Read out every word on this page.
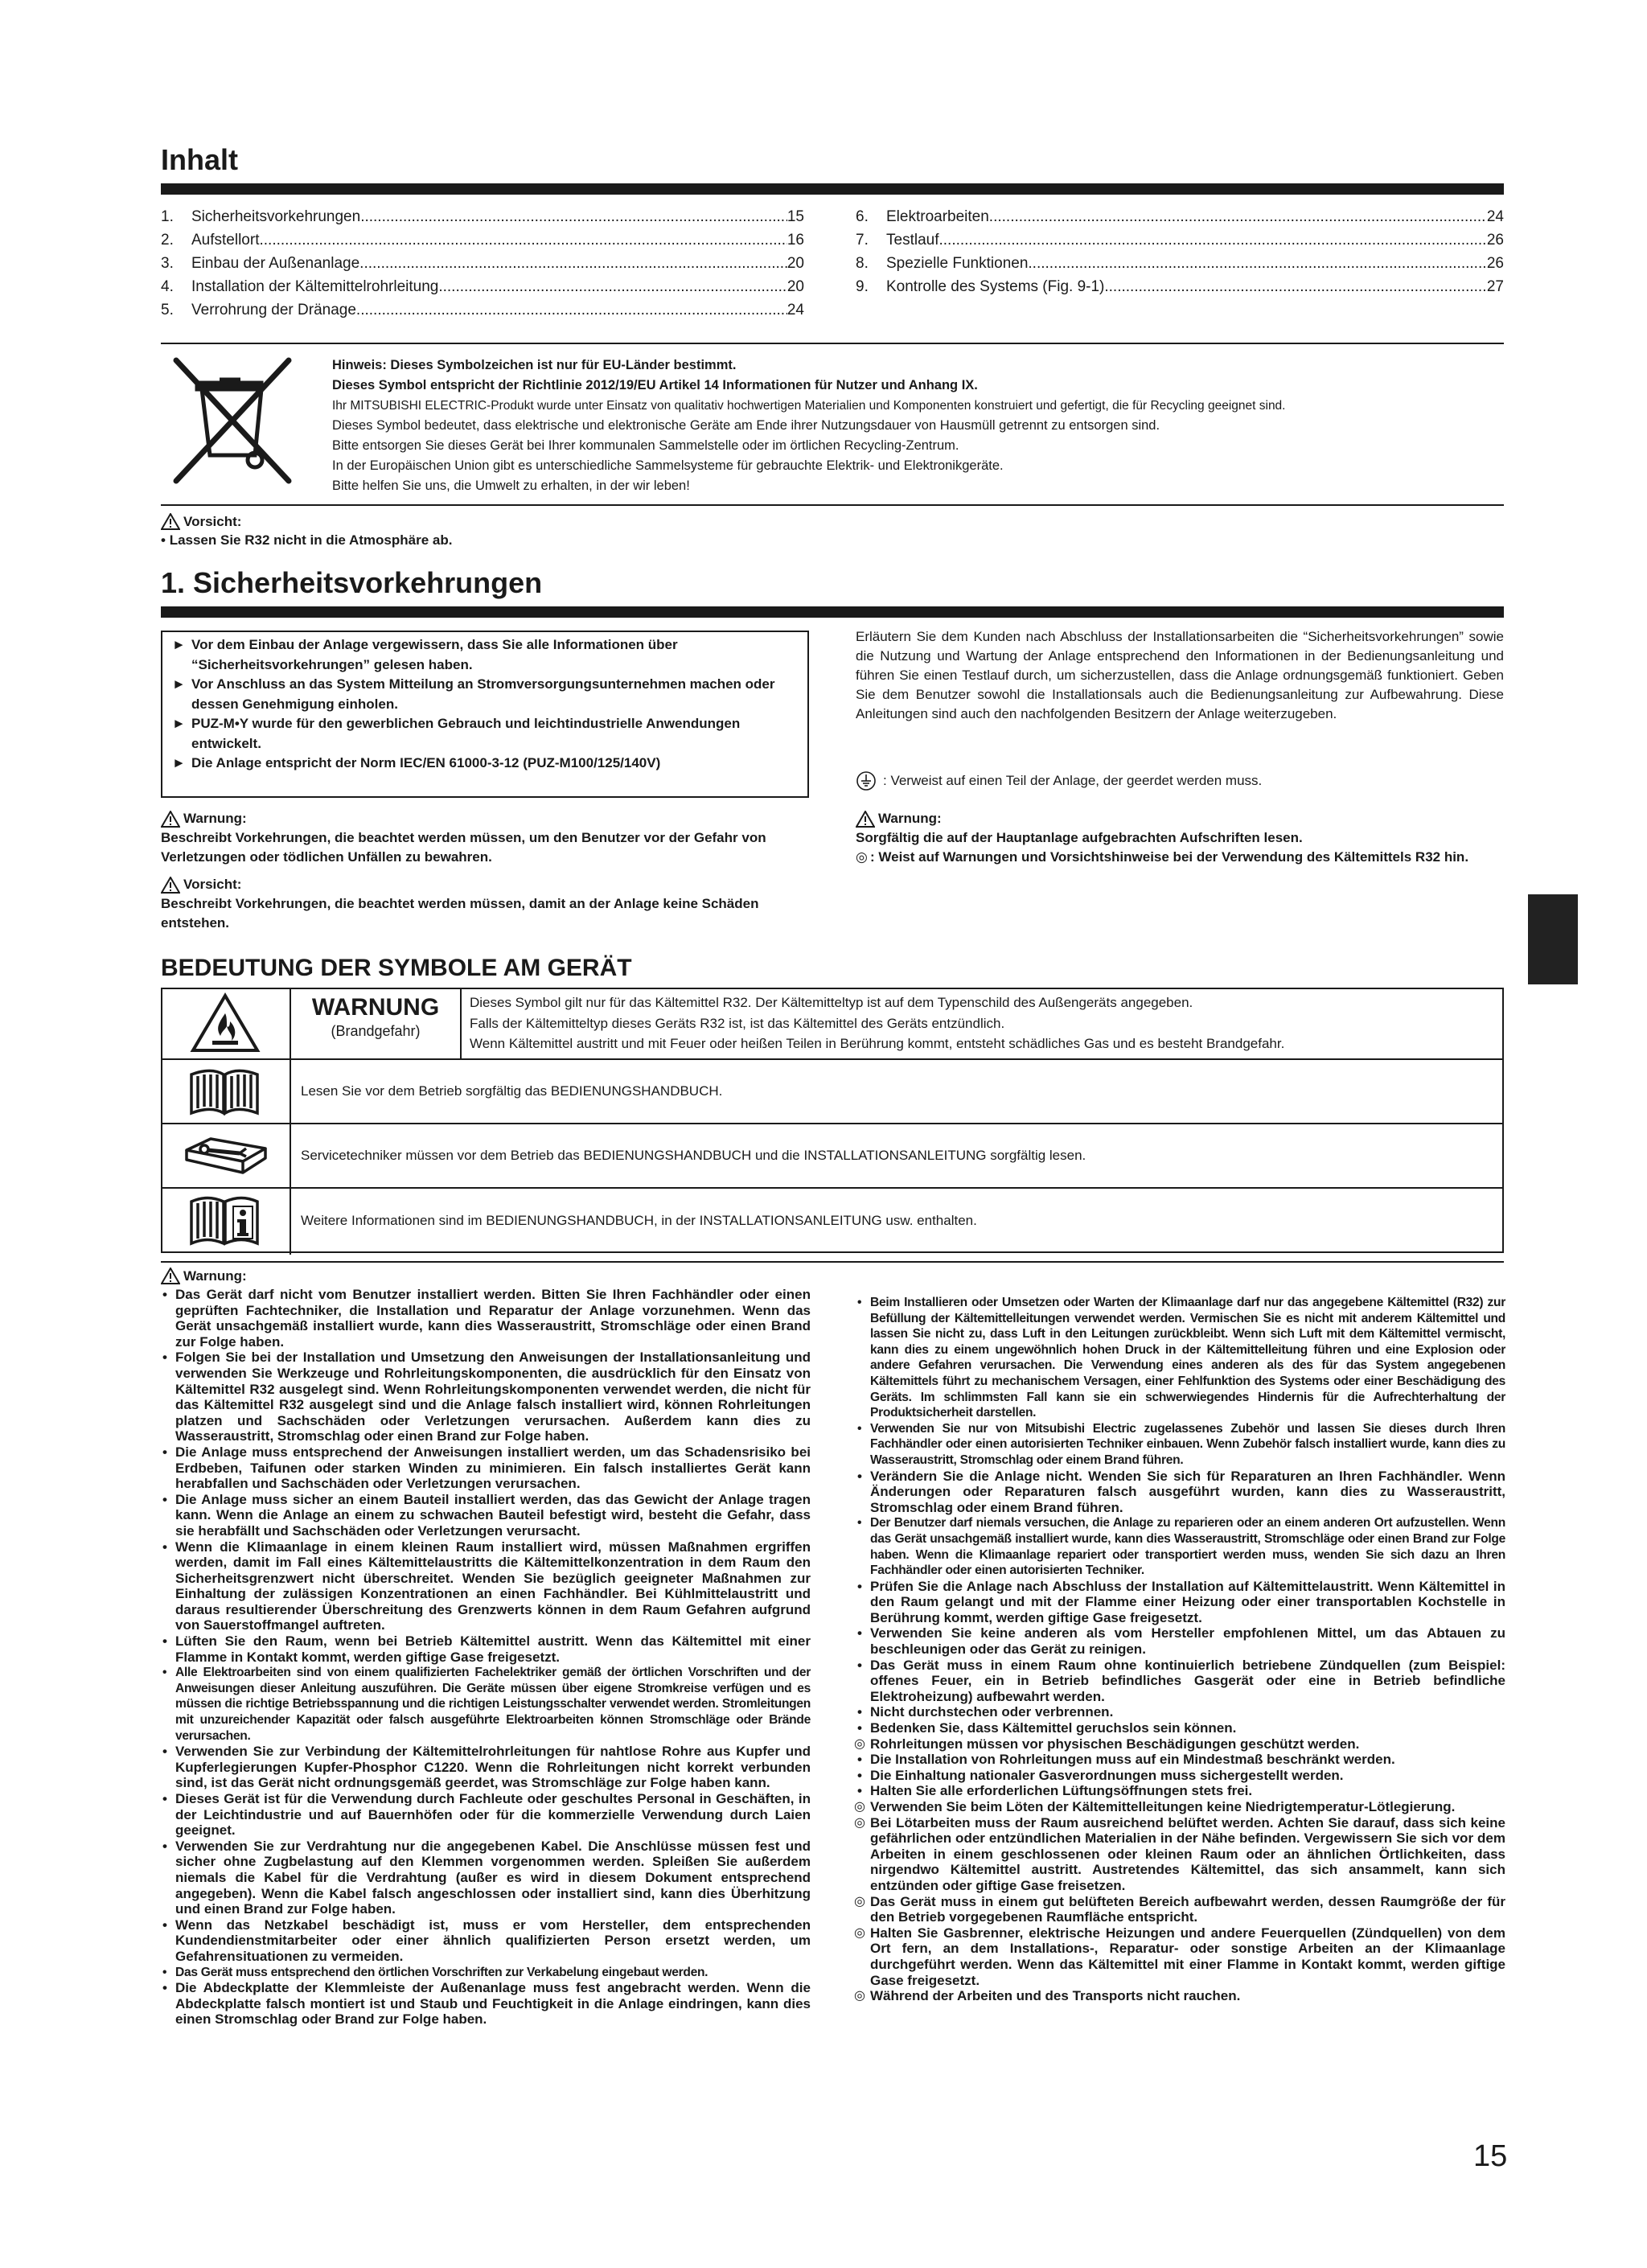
Inhalt
1.	Sicherheitsvorkehrungen .....	15
2.	Aufstellort .....	16
3.	Einbau der Außenanlage .....	20
4.	Installation der Kältemittelrohrleitung .....	20
5.	Verrohrung der Dränage .....	24
6.	Elektroarbeiten .....	24
7.	Testlauf .....	26
8.	Spezielle Funktionen .....	26
9.	Kontrolle des Systems (Fig. 9-1) .....	27
Hinweis: Dieses Symbolzeichen ist nur für EU-Länder bestimmt.
Dieses Symbol entspricht der Richtlinie 2012/19/EU Artikel 14 Informationen für Nutzer und Anhang IX.
Ihr MITSUBISHI ELECTRIC-Produkt wurde unter Einsatz von qualitativ hochwertigen Materialien und Komponenten konstruiert und gefertigt, die für Recycling geeignet sind.
Dieses Symbol bedeutet, dass elektrische und elektronische Geräte am Ende ihrer Nutzungsdauer von Hausmüll getrennt zu entsorgen sind.
Bitte entsorgen Sie dieses Gerät bei Ihrer kommunalen Sammelstelle oder im örtlichen Recycling-Zentrum.
In der Europäischen Union gibt es unterschiedliche Sammelsysteme für gebrauchte Elektrik- und Elektronikgeräte.
Bitte helfen Sie uns, die Umwelt zu erhalten, in der wir leben!
Vorsicht:
• Lassen Sie R32 nicht in die Atmosphäre ab.
1. Sicherheitsvorkehrungen
► Vor dem Einbau der Anlage vergewissern, dass Sie alle Informationen über “Sicherheitsvorkehrungen” gelesen haben.
► Vor Anschluss an das System Mitteilung an Stromversorgungsunternehmen machen oder dessen Genehmigung einholen.
► PUZ-M•Y wurde für den gewerblichen Gebrauch und leichtindustrielle Anwendungen entwickelt.
► Die Anlage entspricht der Norm IEC/EN 61000-3-12 (PUZ-M100/125/140V)
Warnung:
Beschreibt Vorkehrungen, die beachtet werden müssen, um den Benutzer vor der Gefahr von Verletzungen oder tödlichen Unfällen zu bewahren.
Vorsicht:
Beschreibt Vorkehrungen, die beachtet werden müssen, damit an der Anlage keine Schäden entstehen.
Erläutern Sie dem Kunden nach Abschluss der Installationsarbeiten die “Sicherheitsvorkehrungen” sowie die Nutzung und Wartung der Anlage entsprechend den Informationen in der Bedienungsanleitung und führen Sie einen Testlauf durch, um sicherzustellen, dass die Anlage ordnungsgemäß funktioniert. Geben Sie dem Benutzer sowohl die Installationsals auch die Bedienungsanleitung zur Aufbewahrung. Diese Anleitungen sind auch den nachfolgenden Besitzern der Anlage weiterzugeben.
: Verweist auf einen Teil der Anlage, der geerdet werden muss.
Warnung:
Sorgfältig die auf der Hauptanlage aufgebrachten Aufschriften lesen.
◎ : Weist auf Warnungen und Vorsichtshinweise bei der Verwendung des Kältemittels R32 hin.
BEDEUTUNG DER SYMBOLE AM GERÄT
WARNUNG
(Brandgefahr)
Dieses Symbol gilt nur für das Kältemittel R32. Der Kältemitteltyp ist auf dem Typenschild des Außengeräts angegeben.
Falls der Kältemitteltyp dieses Geräts R32 ist, ist das Kältemittel des Geräts entzündlich.
Wenn Kältemittel austritt und mit Feuer oder heißen Teilen in Berührung kommt, entsteht schädliches Gas und es besteht Brandgefahr.
Lesen Sie vor dem Betrieb sorgfältig das BEDIENUNGSHANDBUCH.
Servicetechniker müssen vor dem Betrieb das BEDIENUNGSHANDBUCH und die INSTALLATIONSANLEITUNG sorgfältig lesen.
Weitere Informationen sind im BEDIENUNGSHANDBUCH, in der INSTALLATIONSANLEITUNG usw. enthalten.
Warnung:
• Das Gerät darf nicht vom Benutzer installiert werden. Bitten Sie Ihren Fachhändler oder einen geprüften Fachtechniker, die Installation und Reparatur der Anlage vorzunehmen. Wenn das Gerät unsachgemäß installiert wurde, kann dies Wasseraustritt, Stromschläge oder einen Brand zur Folge haben.
• Folgen Sie bei der Installation und Umsetzung den Anweisungen der Installationsanleitung und verwenden Sie Werkzeuge und Rohrleitungskomponenten, die ausdrücklich für den Einsatz von Kältemittel R32 ausgelegt sind. Wenn Rohrleitungskomponenten verwendet werden, die nicht für das Kältemittel R32 ausgelegt sind und die Anlage falsch installiert wird, können Rohrleitungen platzen und Sachschäden oder Verletzungen verursachen. Außerdem kann dies zu Wasseraustritt, Stromschlag oder einen Brand zur Folge haben.
• Die Anlage muss entsprechend der Anweisungen installiert werden, um das Schadensrisiko bei Erdbeben, Taifunen oder starken Winden zu minimieren. Ein falsch installiertes Gerät kann herabfallen und Sachschäden oder Verletzungen verursachen.
• Die Anlage muss sicher an einem Bauteil installiert werden, das das Gewicht der Anlage tragen kann. Wenn die Anlage an einem zu schwachen Bauteil befestigt wird, besteht die Gefahr, dass sie herabfällt und Sachschäden oder Verletzungen verursacht.
• Wenn die Klimaanlage in einem kleinen Raum installiert wird, müssen Maßnahmen ergriffen werden, damit im Fall eines Kältemittelaustritts die Kältemittelkonzentration in dem Raum den Sicherheitsgrenzwert nicht überschreitet. Wenden Sie bezüglich geeigneter Maßnahmen zur Einhaltung der zulässigen Konzentrationen an einen Fachhändler. Bei Kühlmittelaustritt und daraus resultierender Überschreitung des Grenzwerts können in dem Raum Gefahren aufgrund von Sauerstoffmangel auftreten.
• Lüften Sie den Raum, wenn bei Betrieb Kältemittel austritt. Wenn das Kältemittel mit einer Flamme in Kontakt kommt, werden giftige Gase freigesetzt.
• Alle Elektroarbeiten sind von einem qualifizierten Fachelektriker gemäß der örtlichen Vorschriften und der Anweisungen dieser Anleitung auszuführen. Die Geräte müssen über eigene Stromkreise verfügen und es müssen die richtige Betriebsspannung und die richtigen Leistungsschalter verwendet werden. Stromleitungen mit unzureichender Kapazität oder falsch ausgeführte Elektroarbeiten können Stromschläge oder Brände verursachen.
• Verwenden Sie zur Verbindung der Kältemittelrohrleitungen für nahtlose Rohre aus Kupfer und Kupferlegierungen Kupfer-Phosphor C1220. Wenn die Rohrleitungen nicht korrekt verbunden sind, ist das Gerät nicht ordnungsgemäß geerdet, was Stromschläge zur Folge haben kann.
• Dieses Gerät ist für die Verwendung durch Fachleute oder geschultes Personal in Geschäften, in der Leichtindustrie und auf Bauernhöfen oder für die kommerzielle Verwendung durch Laien geeignet.
• Verwenden Sie zur Verdrahtung nur die angegebenen Kabel. Die Anschlüsse müssen fest und sicher ohne Zugbelastung auf den Klemmen vorgenommen werden. Spleißen Sie außerdem niemals die Kabel für die Verdrahtung (außer es wird in diesem Dokument entsprechend angegeben). Wenn die Kabel falsch angeschlossen oder installiert sind, kann dies Überhitzung und einen Brand zur Folge haben.
• Wenn das Netzkabel beschädigt ist, muss er vom Hersteller, dem entsprechenden Kundendienstmitarbeiter oder einer ähnlich qualifizierten Person ersetzt werden, um Gefahrensituationen zu vermeiden.
• Das Gerät muss entsprechend den örtlichen Vorschriften zur Verkabelung eingebaut werden.
• Die Abdeckplatte der Klemmleiste der Außenanlage muss fest angebracht werden. Wenn die Abdeckplatte falsch montiert ist und Staub und Feuchtigkeit in die Anlage eindringen, kann dies einen Stromschlag oder Brand zur Folge haben.
• Beim Installieren oder Umsetzen oder Warten der Klimaanlage darf nur das angegebene Kältemittel (R32) zur Befüllung der Kältemittelleitungen verwendet werden. Vermischen Sie es nicht mit anderem Kältemittel und lassen Sie nicht zu, dass Luft in den Leitungen zurückbleibt. Wenn sich Luft mit dem Kältemittel vermischt, kann dies zu einem ungewöhnlich hohen Druck in der Kältemittelleitung führen und eine Explosion oder andere Gefahren verursachen. Die Verwendung eines anderen als des für das System angegebenen Kältemittels führt zu mechanischem Versagen, einer Fehlfunktion des Systems oder einer Beschädigung des Geräts. Im schlimmsten Fall kann sie ein schwerwiegendes Hindernis für die Aufrechterhaltung der Produktsicherheit darstellen.
• Verwenden Sie nur von Mitsubishi Electric zugelassenes Zubehör und lassen Sie dieses durch Ihren Fachhändler oder einen autorisierten Techniker einbauen. Wenn Zubehör falsch installiert wurde, kann dies zu Wasseraustritt, Stromschlag oder einem Brand führen.
• Verändern Sie die Anlage nicht. Wenden Sie sich für Reparaturen an Ihren Fachhändler. Wenn Änderungen oder Reparaturen falsch ausgeführt wurden, kann dies zu Wasseraustritt, Stromschlag oder einem Brand führen.
• Der Benutzer darf niemals versuchen, die Anlage zu reparieren oder an einem anderen Ort aufzustellen. Wenn das Gerät unsachgemäß installiert wurde, kann dies Wasseraustritt, Stromschläge oder einen Brand zur Folge haben. Wenn die Klimaanlage repariert oder transportiert werden muss, wenden Sie sich dazu an Ihren Fachhändler oder einen autorisierten Techniker.
• Prüfen Sie die Anlage nach Abschluss der Installation auf Kältemittelaustritt. Wenn Kältemittel in den Raum gelangt und mit der Flamme einer Heizung oder einer transportablen Kochstelle in Berührung kommt, werden giftige Gase freigesetzt.
• Verwenden Sie keine anderen als vom Hersteller empfohlenen Mittel, um das Abtauen zu beschleunigen oder das Gerät zu reinigen.
• Das Gerät muss in einem Raum ohne kontinuierlich betriebene Zündquellen (zum Beispiel: offenes Feuer, ein in Betrieb befindliches Gasgerät oder eine in Betrieb befindliche Elektroheizung) aufbewahrt werden.
• Nicht durchstechen oder verbrennen.
• Bedenken Sie, dass Kältemittel geruchslos sein können.
◎ Rohrleitungen müssen vor physischen Beschädigungen geschützt werden.
• Die Installation von Rohrleitungen muss auf ein Mindestmaß beschränkt werden.
• Die Einhaltung nationaler Gasverordnungen muss sichergestellt werden.
• Halten Sie alle erforderlichen Lüftungsöffnungen stets frei.
◎ Verwenden Sie beim Löten der Kältemittelleitungen keine Niedrigtemperatur-Lötlegierung.
◎ Bei Lötarbeiten muss der Raum ausreichend belüftet werden. Achten Sie darauf, dass sich keine gefährlichen oder entzündlichen Materialien in der Nähe befinden. Vergewissern Sie sich vor dem Arbeiten in einem geschlossenen oder kleinen Raum oder an ähnlichen Örtlichkeiten, dass nirgendwo Kältemittel austritt. Austretendes Kältemittel, das sich ansammelt, kann sich entzünden oder giftige Gase freisetzen.
◎ Das Gerät muss in einem gut belüfteten Bereich aufbewahrt werden, dessen Raumgröße der für den Betrieb vorgegebenen Raumfläche entspricht.
◎ Halten Sie Gasbrenner, elektrische Heizungen und andere Feuerquellen (Zündquellen) von dem Ort fern, an dem Installations-, Reparatur- oder sonstige Arbeiten an der Klimaanlage durchgeführt werden. Wenn das Kältemittel mit einer Flamme in Kontakt kommt, werden giftige Gase freigesetzt.
◎ Während der Arbeiten und des Transports nicht rauchen.
15
